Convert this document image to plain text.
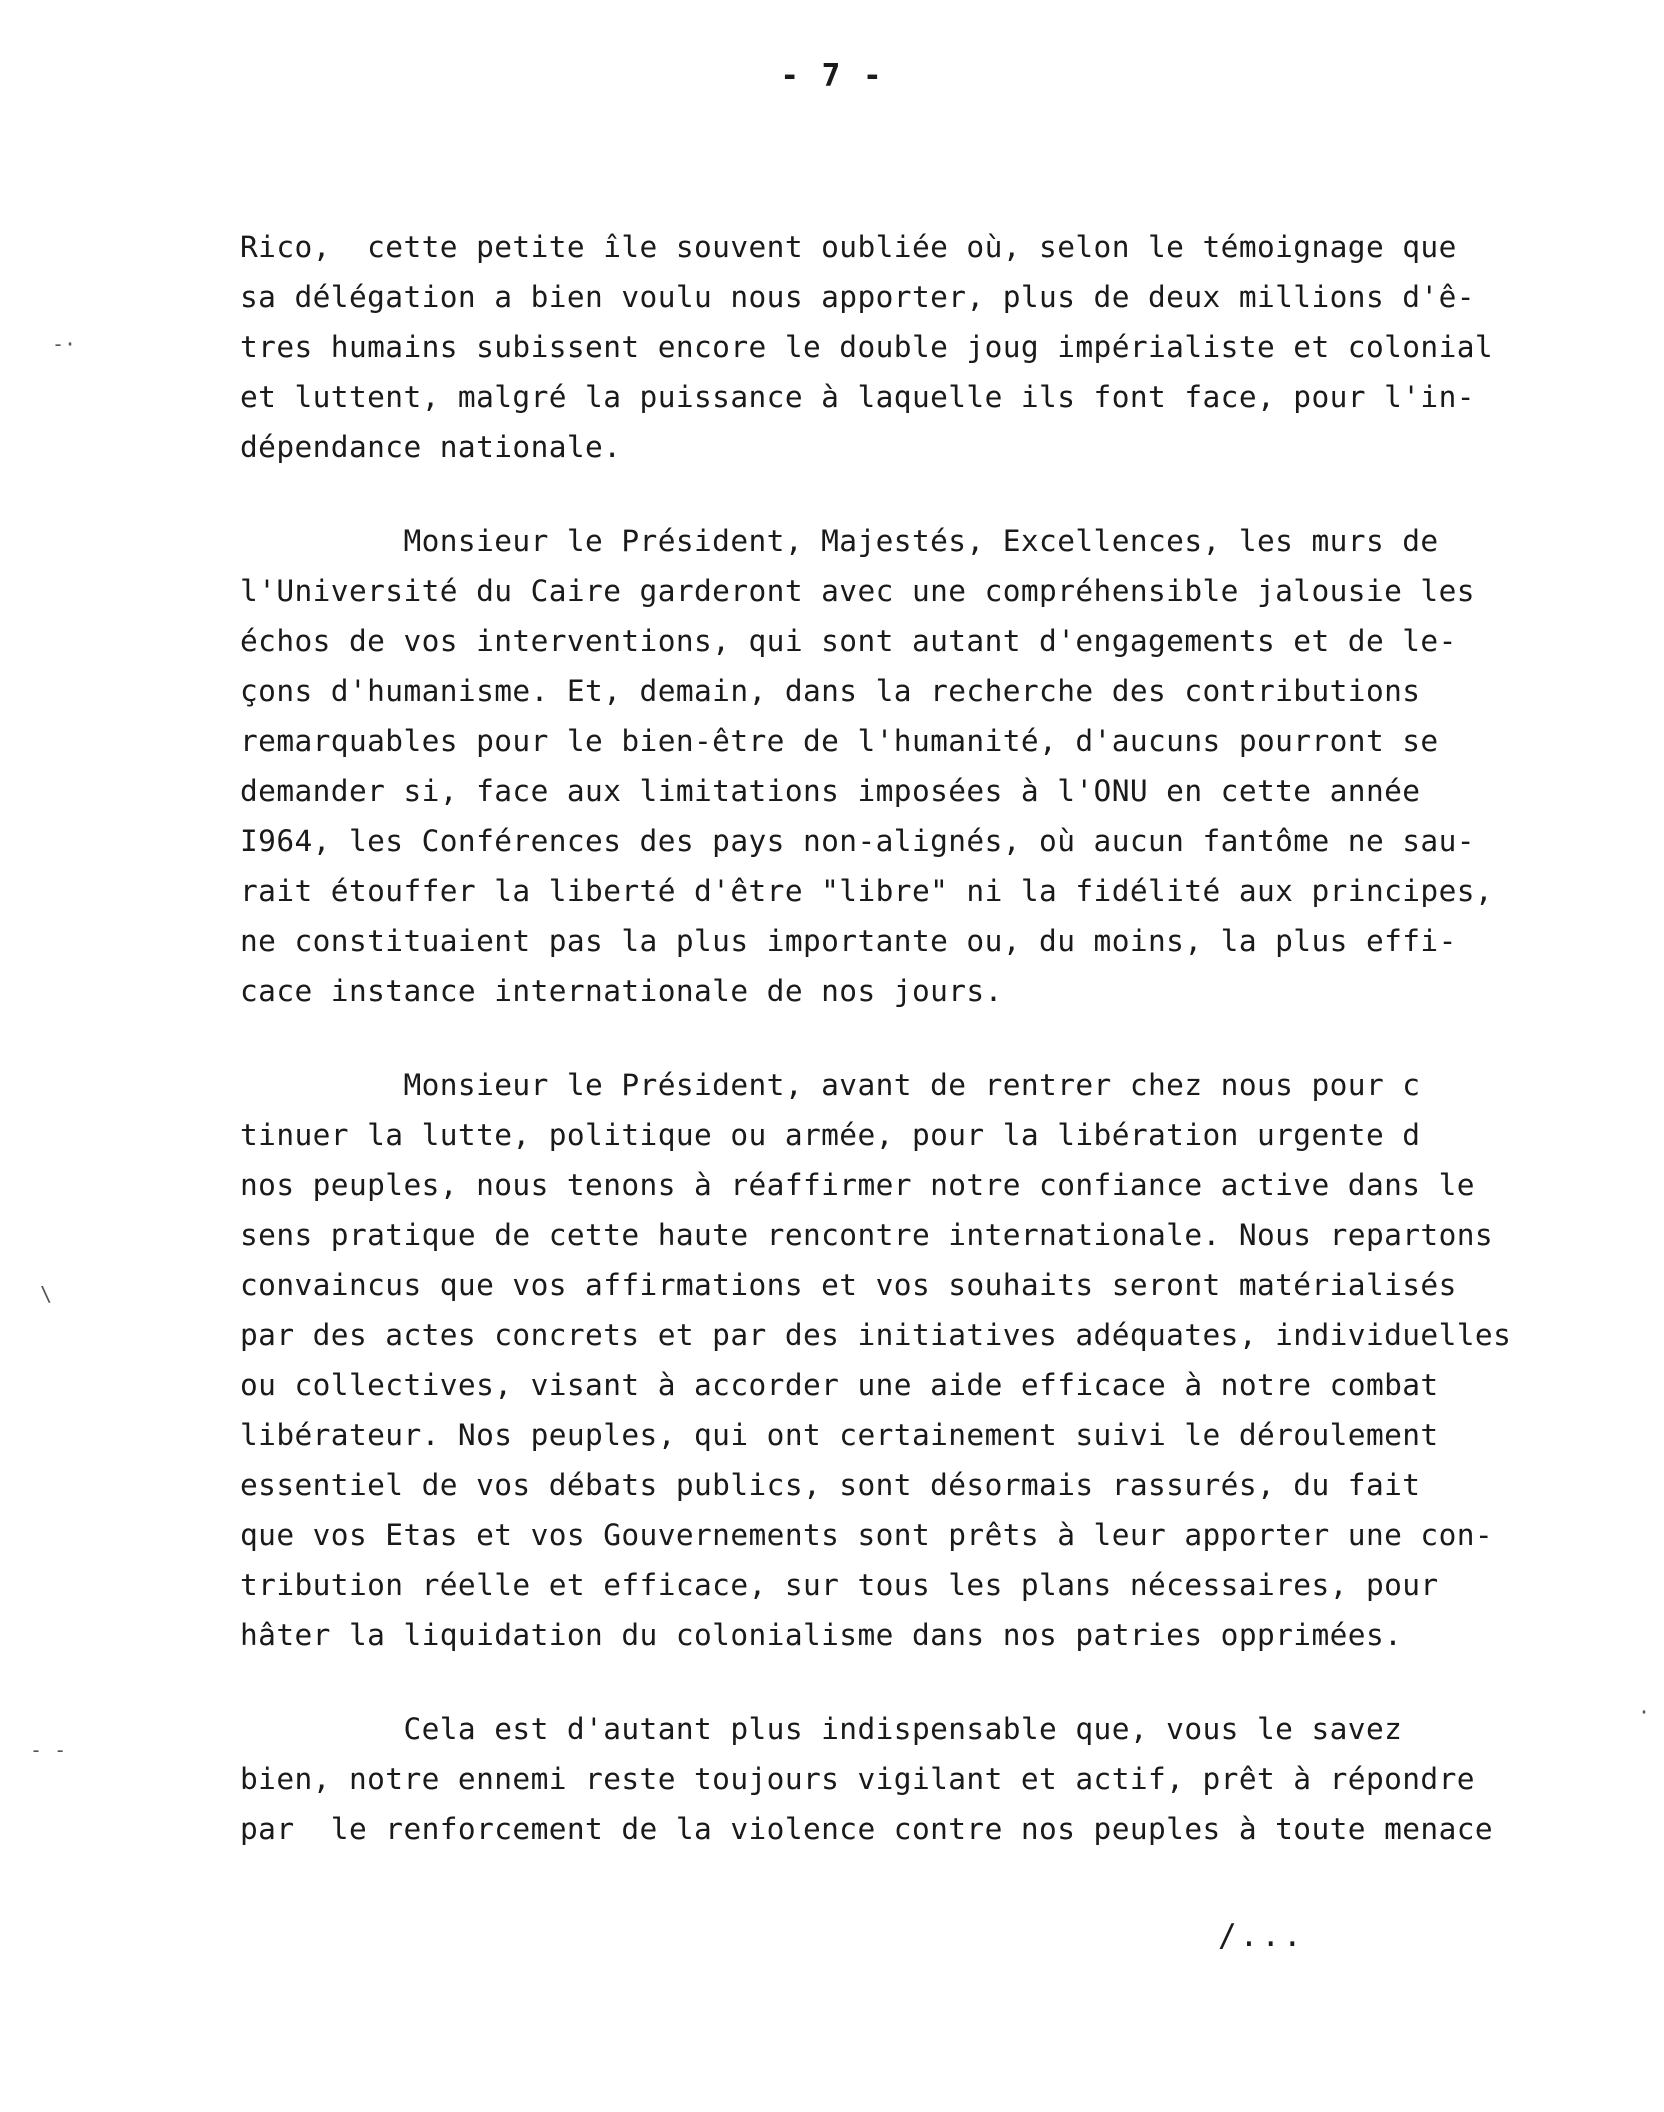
- 7 -
Rico,  cette petite île souvent oubliée où, selon le témoignage que
sa délégation a bien voulu nous apporter, plus de deux millions d'ê-
tres humains subissent encore le double joug impérialiste et colonial
et luttent, malgré la puissance à laquelle ils font face, pour l'in-
dépendance nationale.
Monsieur le Président, Majestés, Excellences, les murs de
l'Université du Caire garderont avec une compréhensible jalousie les
échos de vos interventions, qui sont autant d'engagements et de le-
çons d'humanisme. Et, demain, dans la recherche des contributions
remarquables pour le bien-être de l'humanité, d'aucuns pourront se
demander si, face aux limitations imposées à l'ONU en cette année
I964, les Conférences des pays non-alignés, où aucun fantôme ne sau-
rait étouffer la liberté d'être "libre" ni la fidélité aux principes,
ne constituaient pas la plus importante ou, du moins, la plus effi-
cace instance internationale de nos jours.
Monsieur le Président, avant de rentrer chez nous pour c
tinuer la lutte, politique ou armée, pour la libération urgente d
nos peuples, nous tenons à réaffirmer notre confiance active dans le
sens pratique de cette haute rencontre internationale. Nous repartons
convaincus que vos affirmations et vos souhaits seront matérialisés
par des actes concrets et par des initiatives adéquates, individuelles
ou collectives, visant à accorder une aide efficace à notre combat
libérateur. Nos peuples, qui ont certainement suivi le déroulement
essentiel de vos débats publics, sont désormais rassurés, du fait
que vos Etas et vos Gouvernements sont prêts à leur apporter une con-
tribution réelle et efficace, sur tous les plans nécessaires, pour
hâter la liquidation du colonialisme dans nos patries opprimées.
Cela est d'autant plus indispensable que, vous le savez
bien, notre ennemi reste toujours vigilant et actif, prêt à répondre
par  le renforcement de la violence contre nos peuples à toute menace
/...
-·
\
- -
·
